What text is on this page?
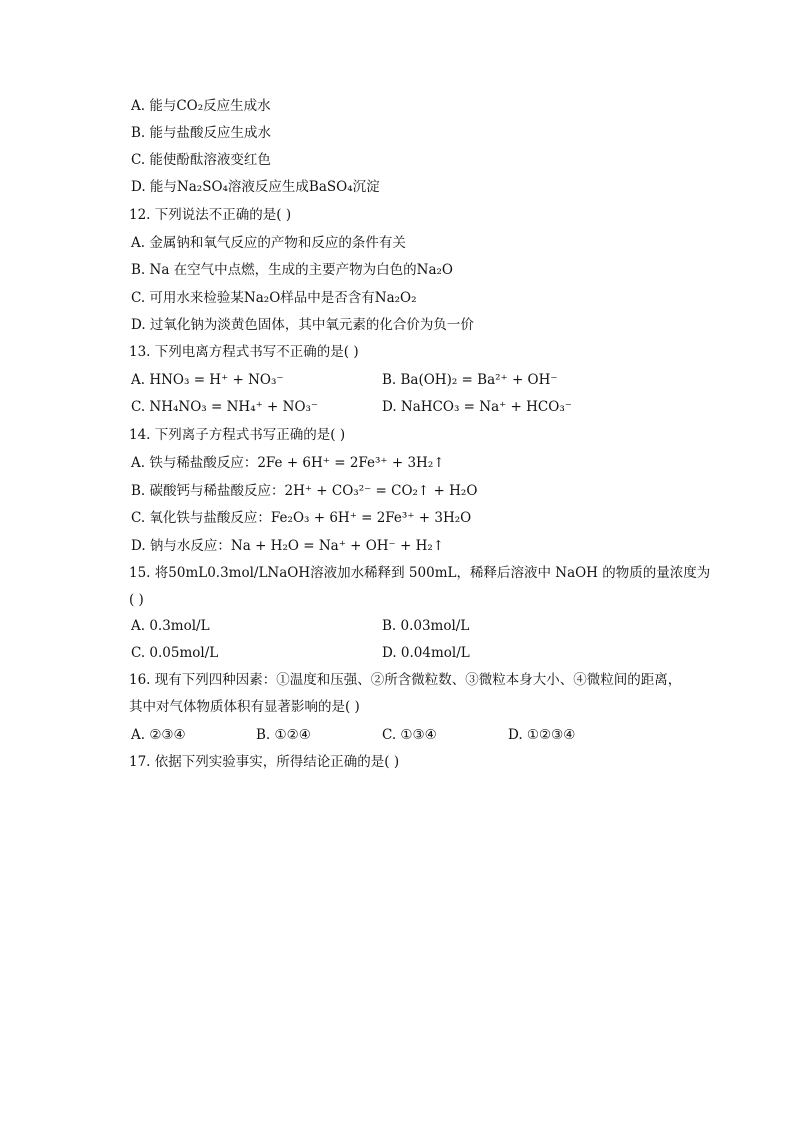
A. 能与CO₂反应生成水
B. 能与盐酸反应生成水
C. 能使酚酞溶液变红色
D. 能与Na₂SO₄溶液反应生成BaSO₄沉淀
12. 下列说法不正确的是( )
A. 金属钠和氧气反应的产物和反应的条件有关
B. Na 在空气中点燃，生成的主要产物为白色的Na₂O
C. 可用水来检验某Na₂O样品中是否含有Na₂O₂
D. 过氧化钠为淡黄色固体，其中氧元素的化合价为负一价
13. 下列电离方程式书写不正确的是( )
A. HNO₃ = H⁺ + NO₃⁻	B. Ba(OH)₂ = Ba²⁺ + OH⁻
C. NH₄NO₃ = NH₄⁺ + NO₃⁻	D. NaHCO₃ = Na⁺ + HCO₃⁻
14. 下列离子方程式书写正确的是( )
A. 铁与稀盐酸反应：2Fe + 6H⁺ = 2Fe³⁺ + 3H₂↑
B. 碳酸钙与稀盐酸反应：2H⁺ + CO₃²⁻ = CO₂↑ + H₂O
C. 氧化铁与盐酸反应：Fe₂O₃ + 6H⁺ = 2Fe³⁺ + 3H₂O
D. 钠与水反应：Na + H₂O = Na⁺ + OH⁻ + H₂↑
15. 将50mL0.3mol/LNaOH溶液加水稀释到 500mL，稀释后溶液中 NaOH 的物质的量浓度为
( )
A. 0.3mol/L	B. 0.03mol/L
C. 0.05mol/L	D. 0.04mol/L
16. 现有下列四种因素：①温度和压强、②所含微粒数、③微粒本身大小、④微粒间的距离，
其中对气体物质体积有显著影响的是( )
A. ②③④	B. ①②④	C. ①③④	D. ①②③④
17. 依据下列实验事实，所得结论正确的是( )
